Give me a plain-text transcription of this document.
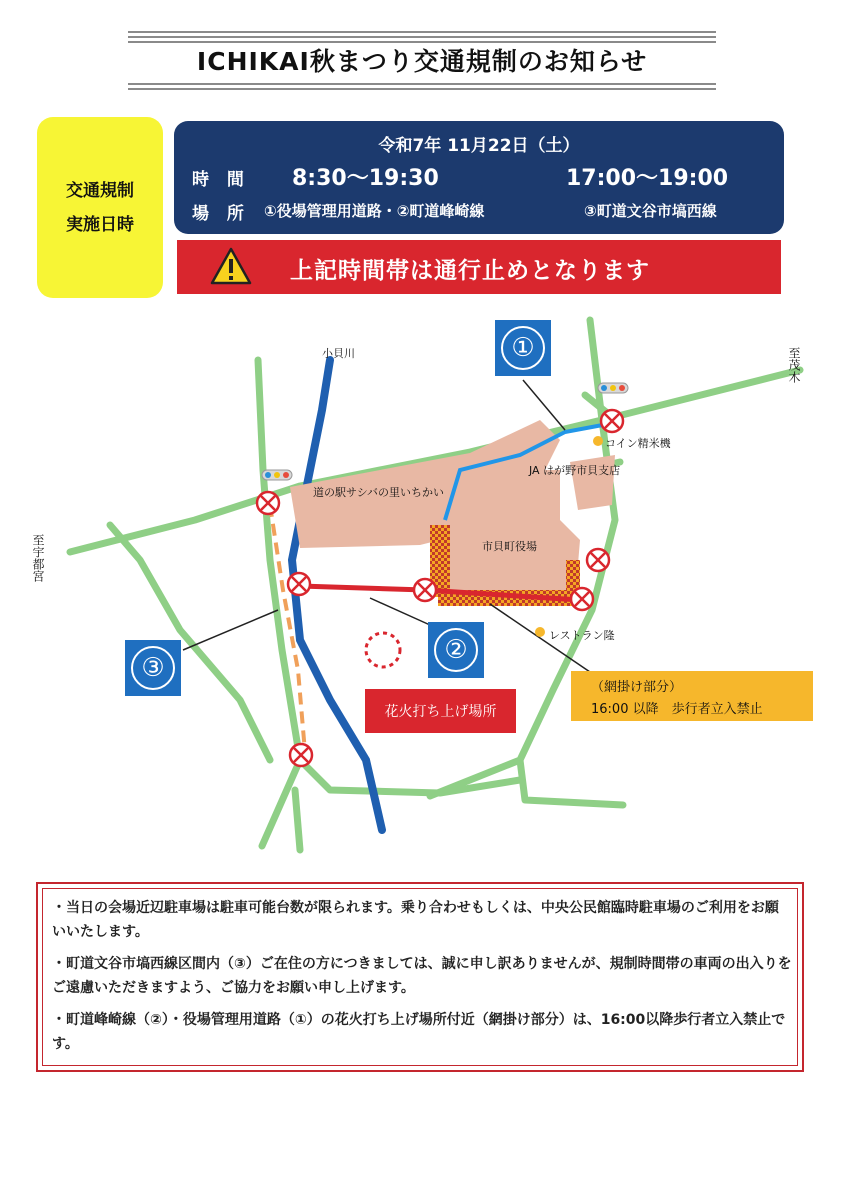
ICHIKAI秋まつり交通規制のお知らせ
交通規制
実施日時
令和7年 11月22日（土）
時 間 8:30～19:30	17:00～19:00
場 所 ①役場管理用道路・②町道峰崎線	③町道文谷市塙西線
上記時間帯は通行止めとなります
小貝川	至茂木
至宇都宮
道の駅サシバの里いちかい
コイン精米機
JA はが野市貝支店
市貝町役場
レストラン隆
①
②
③
花火打ち上げ場所
（網掛け部分）
16:00 以降　歩行者立入禁止
・当日の会場近辺駐車場は駐車可能台数が限られます。乗り合わせもしくは、中央公民館臨時駐車場のご利用をお願いいたします。
・町道文谷市塙西線区間内（③）ご在住の方につきましては、誠に申し訳ありませんが、規制時間帯の車両の出入りをご遠慮いただきますよう、ご協力をお願い申し上げます。
・町道峰崎線（②）・役場管理用道路（①）の花火打ち上げ場所付近（網掛け部分）は、16:00以降歩行者立入禁止です。
